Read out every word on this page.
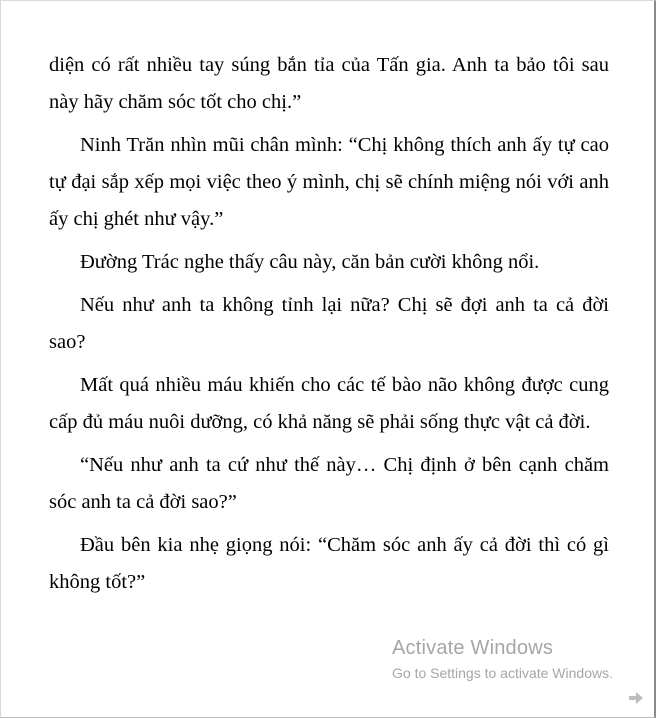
diện có rất nhiều tay súng bắn tỉa của Tấn gia. Anh ta bảo tôi sau này hãy chăm sóc tốt cho chị.”

Ninh Trăn nhìn mũi chân mình: “Chị không thích anh ấy tự cao tự đại sắp xếp mọi việc theo ý mình, chị sẽ chính miệng nói với anh ấy chị ghét như vậy.”

Đường Trác nghe thấy câu này, căn bản cười không nổi.

Nếu như anh ta không tỉnh lại nữa? Chị sẽ đợi anh ta cả đời sao?

Mất quá nhiều máu khiến cho các tế bào não không được cung cấp đủ máu nuôi dưỡng, có khả năng sẽ phải sống thực vật cả đời.

“Nếu như anh ta cứ như thế này… Chị định ở bên cạnh chăm sóc anh ta cả đời sao?”

Đầu bên kia nhẹ giọng nói: “Chăm sóc anh ấy cả đời thì có gì không tốt?”

Activate Windows
Go to Settings to activate Windows.
